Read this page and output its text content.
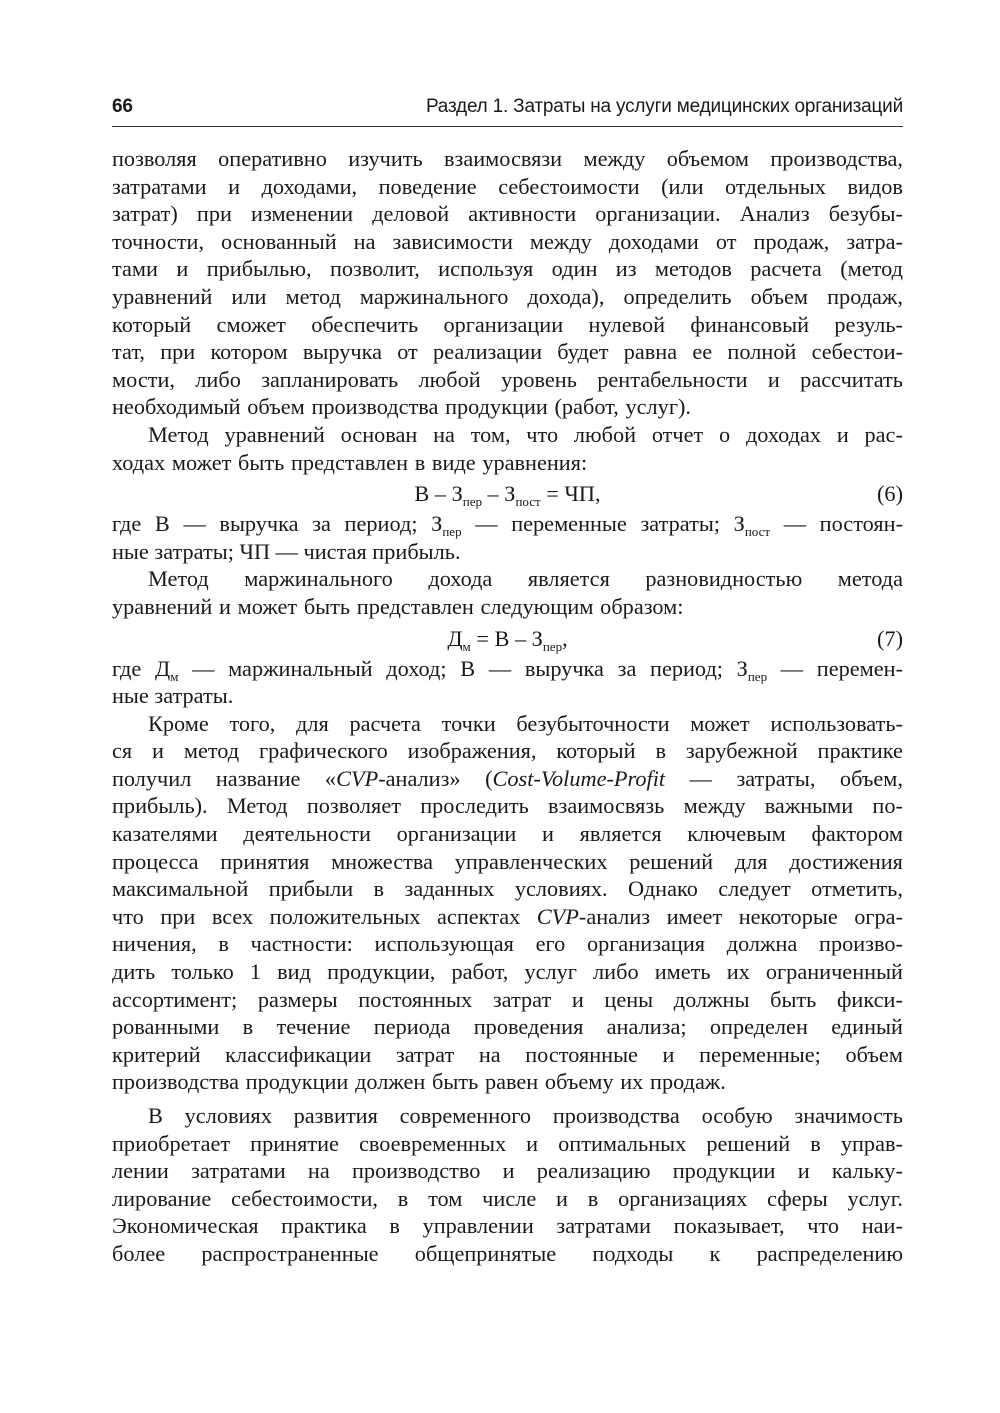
66	Раздел 1. Затраты на услуги медицинских организаций
позволяя оперативно изучить взаимосвязи между объемом производства,
затратами и доходами, поведение себестоимости (или отдельных видов
затрат) при изменении деловой активности организации. Анализ безубы-
точности, основанный на зависимости между доходами от продаж, затра-
тами и прибылью, позволит, используя один из методов расчета (метод
уравнений или метод маржинального дохода), определить объем продаж,
который сможет обеспечить организации нулевой финансовый резуль-
тат, при котором выручка от реализации будет равна ее полной себестои-
мости, либо запланировать любой уровень рентабельности и рассчитать
необходимый объем производства продукции (работ, услуг).
Метод уравнений основан на том, что любой отчет о доходах и рас-
ходах может быть представлен в виде уравнения:
В – $З_{пер} - З_{пост}$ = ЧП,	(6)
где В — выручка за период; $З_{пер}$ — переменные затраты; $З_{пост}$ — постоян-
ные затраты; ЧП — чистая прибыль.
Метод маржинального дохода является разновидностью метода
уравнений и может быть представлен следующим образом:
$Д_м = В - З_{пер}$,	(7)
где $Д_м$ — маржинальный доход; В — выручка за период; $З_{пер}$ — перемен-
ные затраты.
Кроме того, для расчета точки безубыточности может использовать-
ся и метод графического изображения, который в зарубежной практике
получил название «CVP-анализ» (Cost-Volume-Profit — затраты, объем,
прибыль). Метод позволяет проследить взаимосвязь между важными по-
казателями деятельности организации и является ключевым фактором
процесса принятия множества управленческих решений для достижения
максимальной прибыли в заданных условиях. Однако следует отметить,
что при всех положительных аспектах CVP-анализ имеет некоторые огра-
ничения, в частности: использующая его организация должна произво-
дить только 1 вид продукции, работ, услуг либо иметь их ограниченный
ассортимент; размеры постоянных затрат и цены должны быть фикси-
рованными в течение периода проведения анализа; определен единый
критерий классификации затрат на постоянные и переменные; объем
производства продукции должен быть равен объему их продаж.
В условиях развития современного производства особую значимость
приобретает принятие своевременных и оптимальных решений в управ-
лении затратами на производство и реализацию продукции и кальку-
лирование себестоимости, в том числе и в организациях сферы услуг.
Экономическая практика в управлении затратами показывает, что наи-
более распространенные общепринятые подходы к распределению
